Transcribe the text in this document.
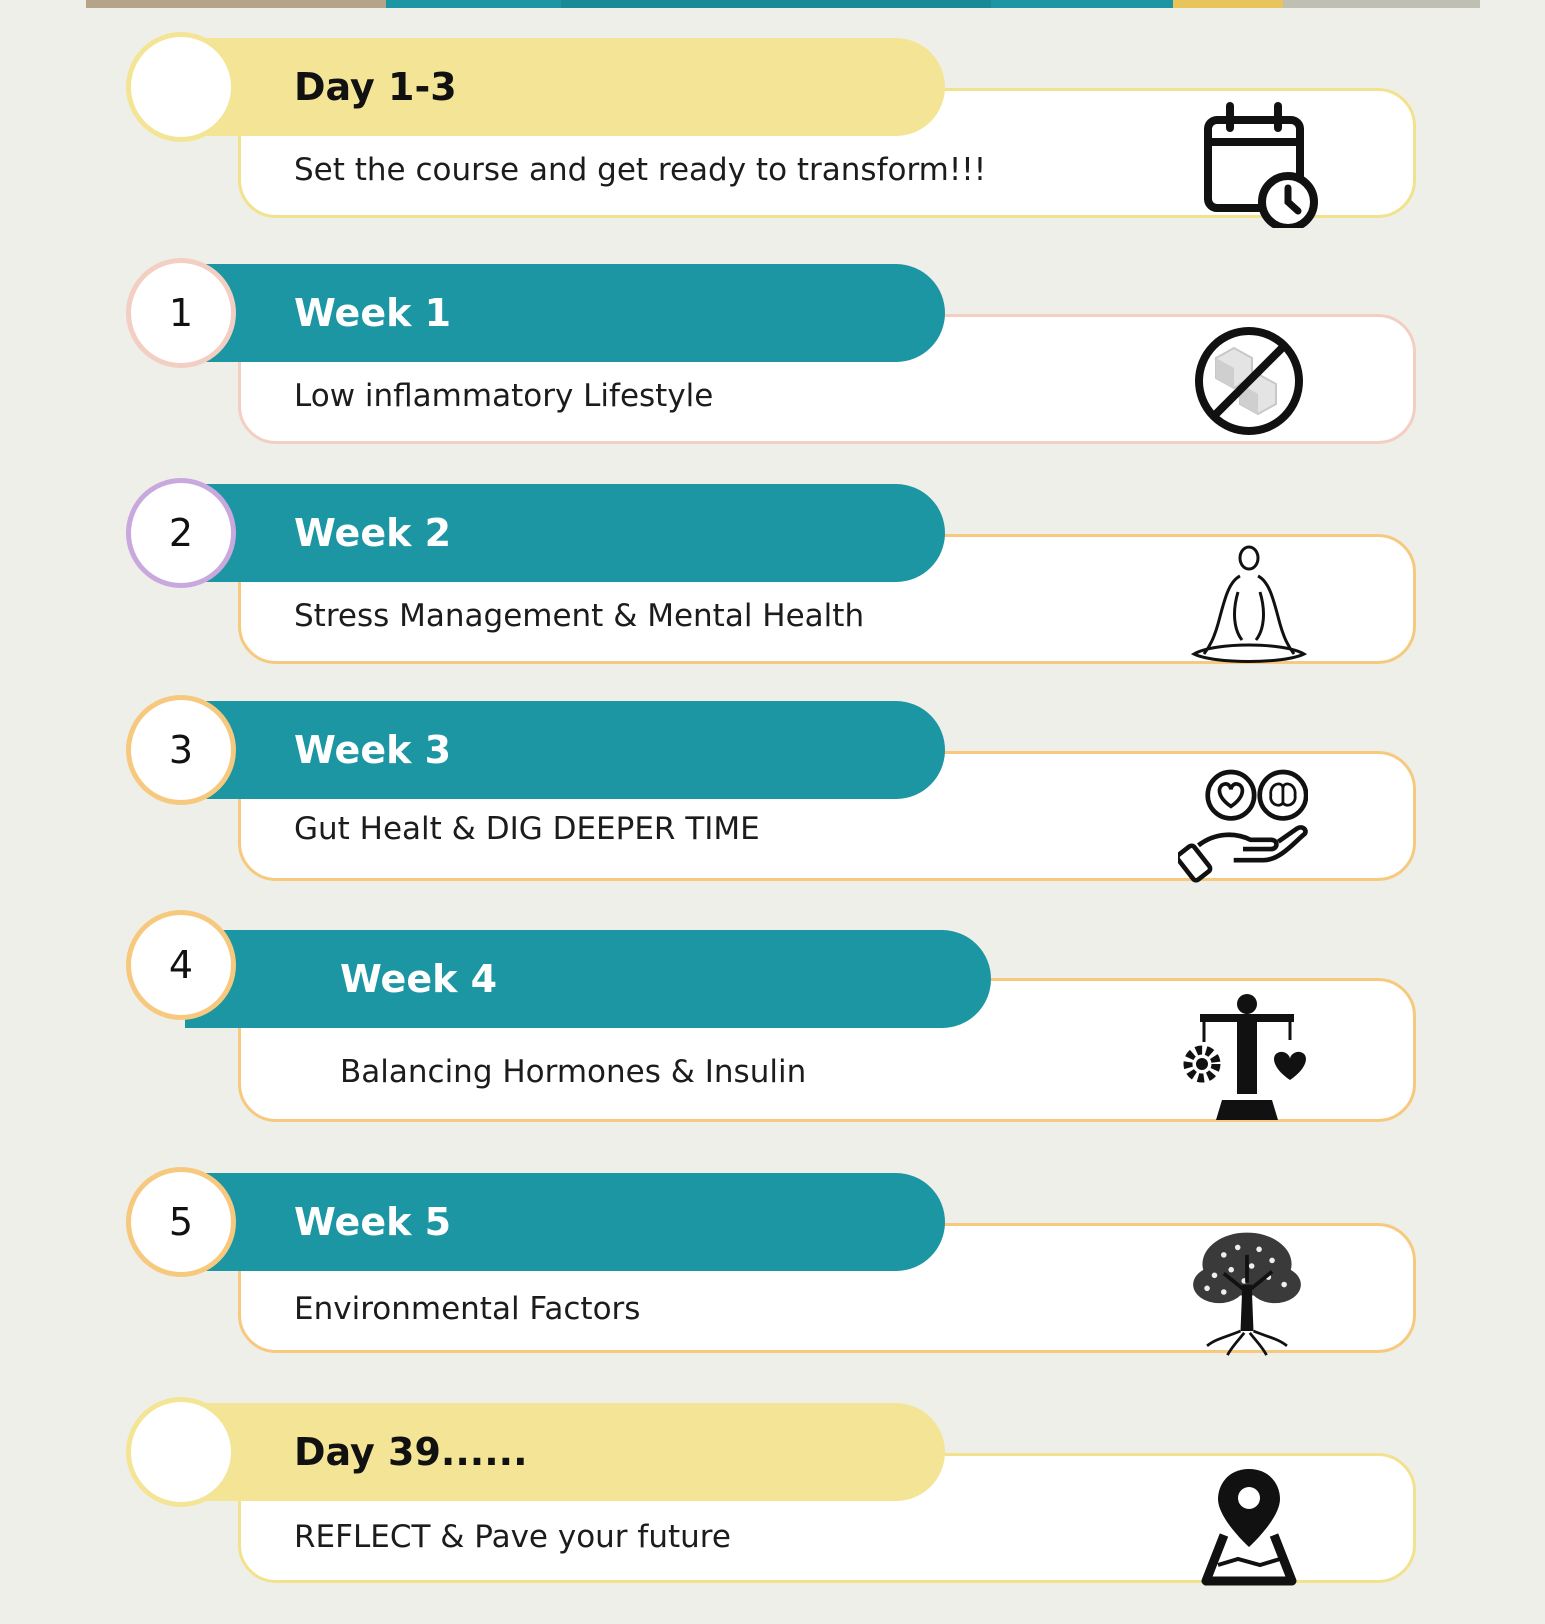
Day 1-3
Set the course and get ready to transform!!!
1	Week 1
Low inflammatory Lifestyle
2	Week 2
Stress Management & Mental Health
3	Week 3
Gut Healt & DIG DEEPER TIME
4	Week 4
Balancing Hormones & Insulin
5	Week 5
Environmental Factors
Day 39......
REFLECT & Pave your future
